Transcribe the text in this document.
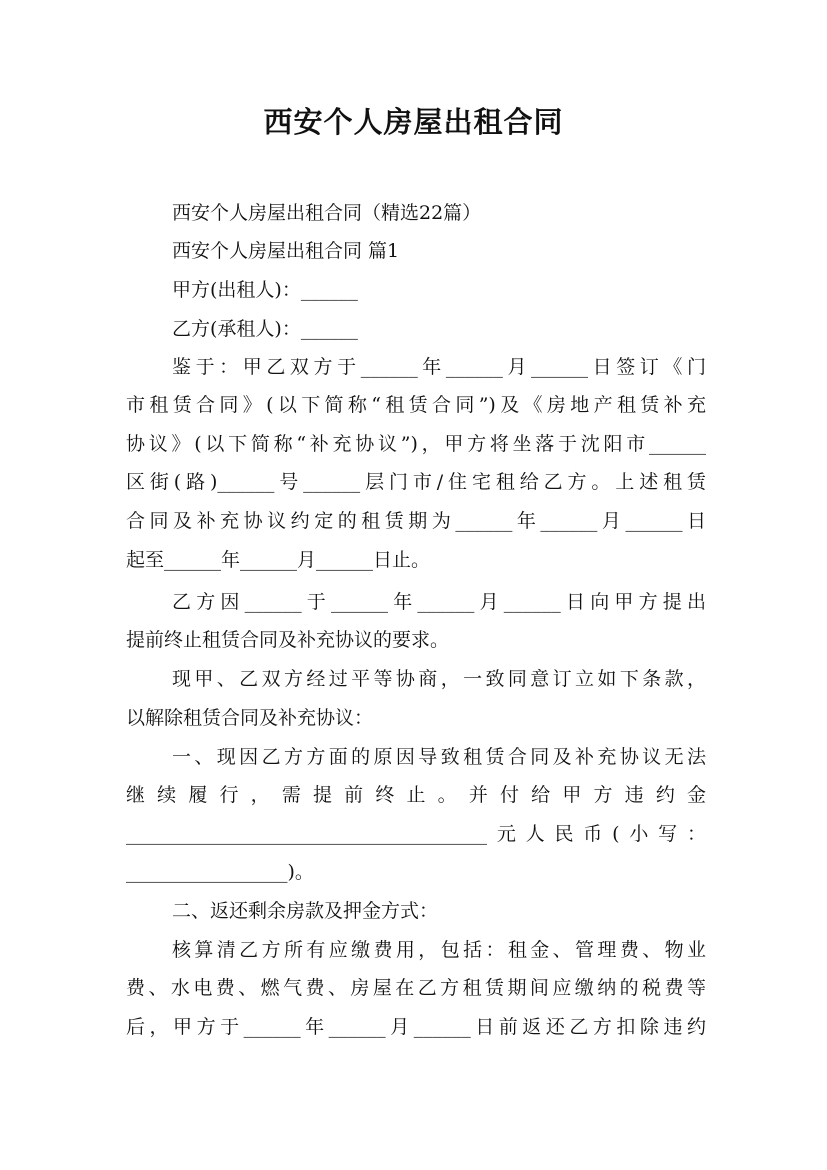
西安个人房屋出租合同

西安个人房屋出租合同（精选22篇）

西安个人房屋出租合同 篇1

甲方(出租人)：______

乙方(承租人)：______

鉴于：甲乙双方于______年______月______日签订《门

市租赁合同》(以下简称“租赁合同”)及《房地产租赁补充

协议》(以下简称“补充协议”)，甲方将坐落于沈阳市______

区街(路)______号______层门市/住宅租给乙方。上述租赁

合同及补充协议约定的租赁期为______年______月______日

起至______年______月______日止。

乙方因______于______年______月______日向甲方提出

提前终止租赁合同及补充协议的要求。

现甲、乙双方经过平等协商，一致同意订立如下条款，

以解除租赁合同及补充协议：

一、现因乙方方面的原因导致租赁合同及补充协议无法

继续履行，需提前终止。并付给甲方违约金

______________________________________元人民币(小写：

_________________)。

二、返还剩余房款及押金方式：

核算清乙方所有应缴费用，包括：租金、管理费、物业

费、水电费、燃气费、房屋在乙方租赁期间应缴纳的税费等

后，甲方于______年______月______日前返还乙方扣除违约
